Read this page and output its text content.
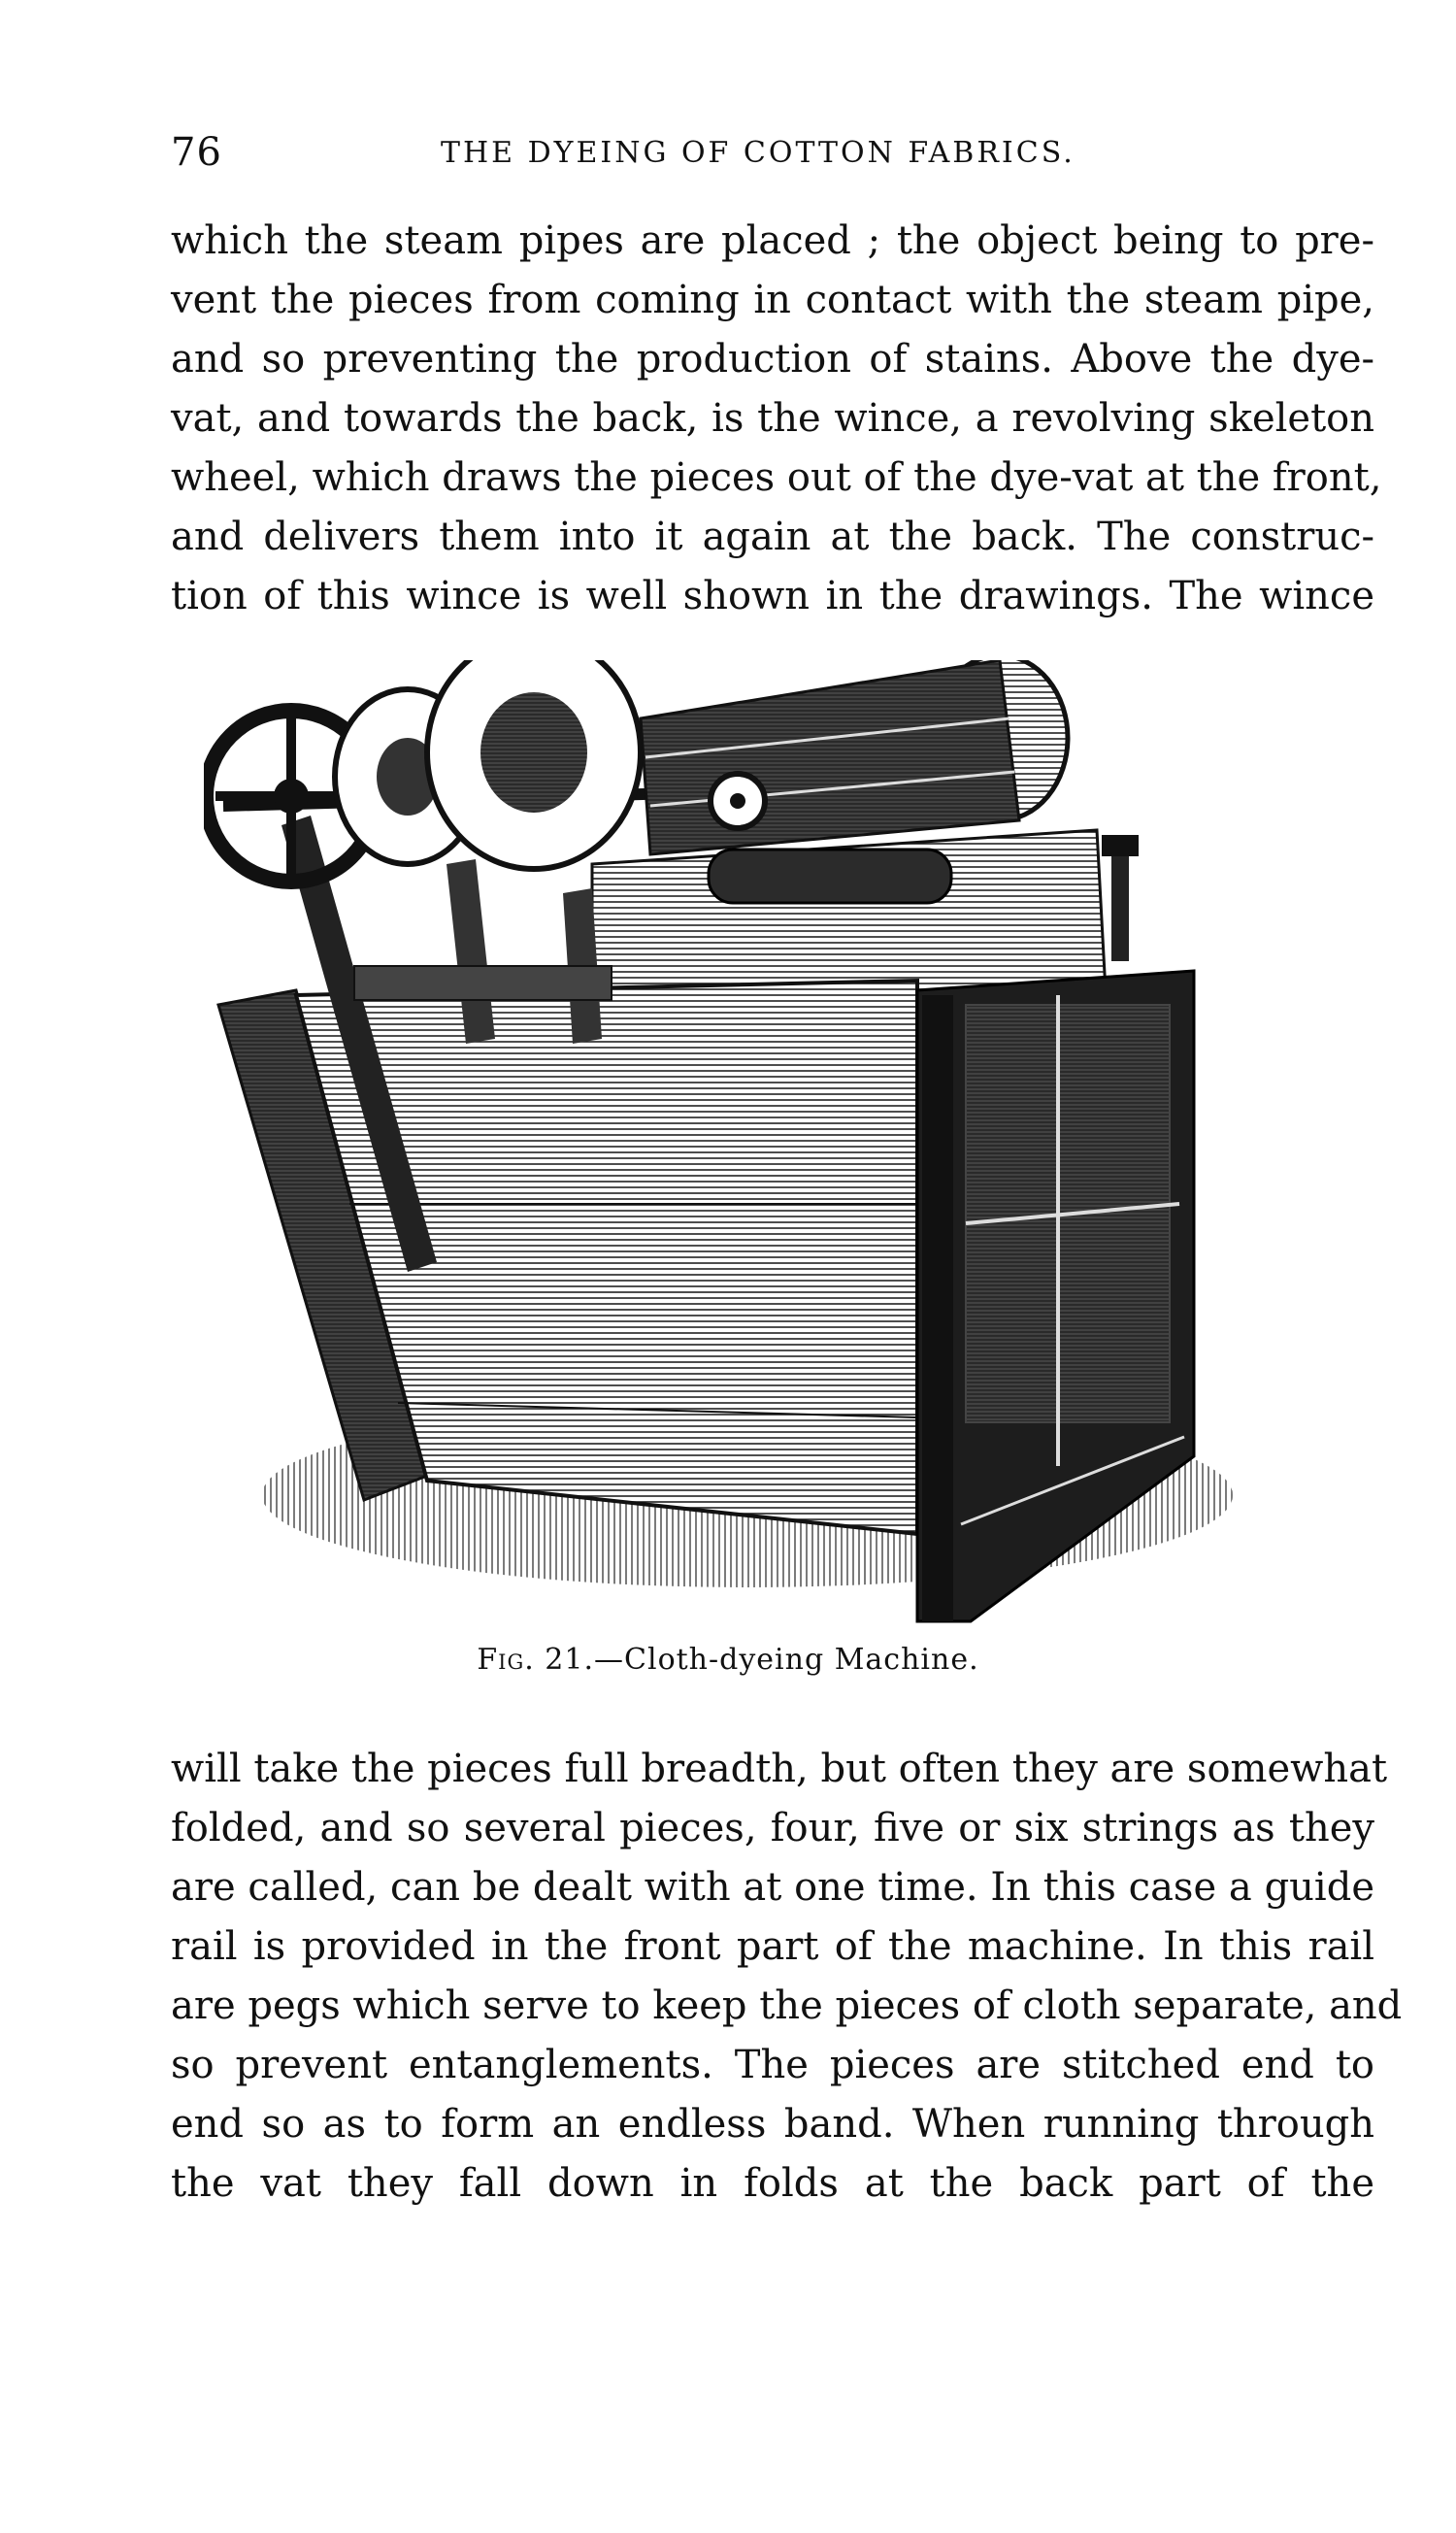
76	THE DYEING OF COTTON FABRICS.

which the steam pipes are placed ; the object being to pre-
vent the pieces from coming in contact with the steam pipe,
and so preventing the production of stains. Above the dye-
vat, and towards the back, is the wince, a revolving skeleton
wheel, which draws the pieces out of the dye-vat at the front,
and delivers them into it again at the back. The construc-
tion of this wince is well shown in the drawings. The wince

Fig. 21.—Cloth-dyeing Machine.

will take the pieces full breadth, but often they are somewhat
folded, and so several pieces, four, five or six strings as they
are called, can be dealt with at one time. In this case a guide
rail is provided in the front part of the machine. In this rail
are pegs which serve to keep the pieces of cloth separate, and
so prevent entanglements. The pieces are stitched end to
end so as to form an endless band. When running through
the vat they fall down in folds at the back part of the
